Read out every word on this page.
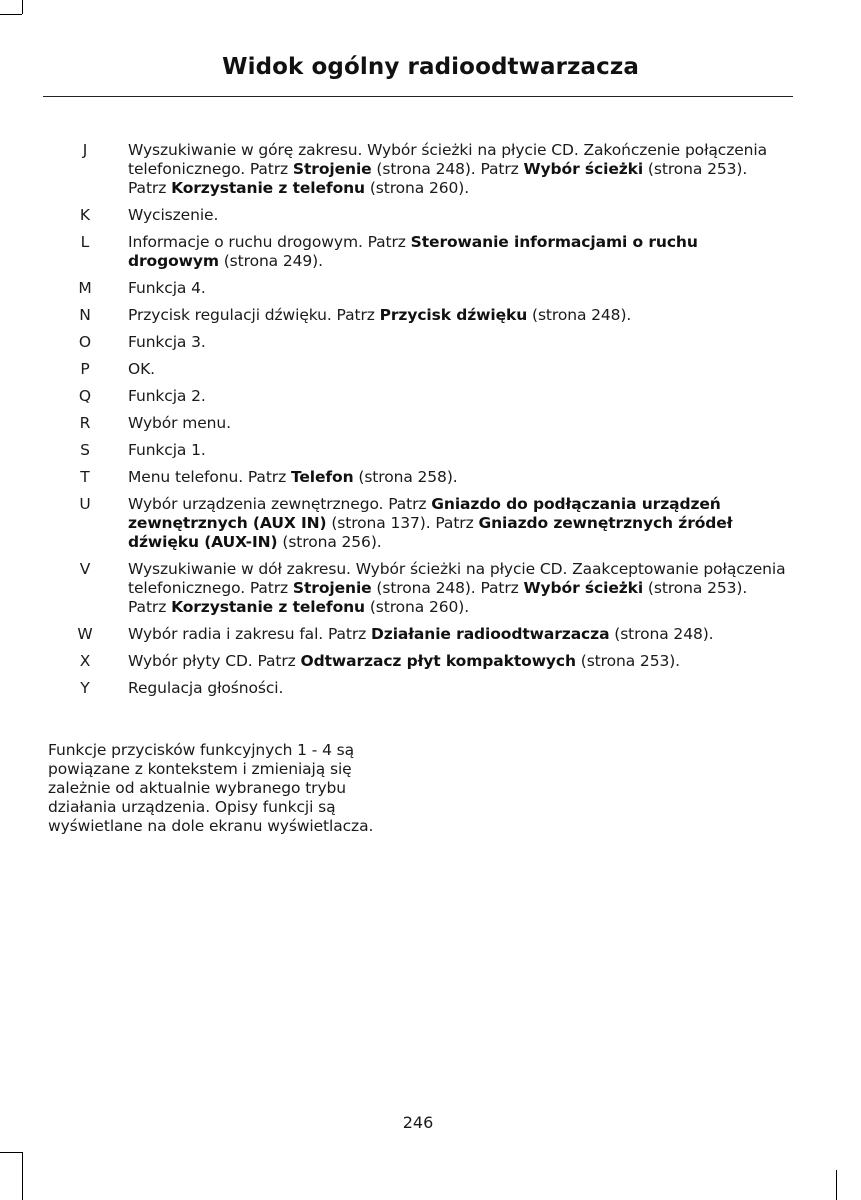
Widok ogólny radioodtwarzacza
J	Wyszukiwanie w górę zakresu. Wybór ścieżki na płycie CD. Zakończenie połączenia telefonicznego. Patrz Strojenie (strona 248). Patrz Wybór ścieżki (strona 253). Patrz Korzystanie z telefonu (strona 260).
K	Wyciszenie.
L	Informacje o ruchu drogowym. Patrz Sterowanie informacjami o ruchu drogowym (strona 249).
M	Funkcja 4.
N	Przycisk regulacji dźwięku. Patrz Przycisk dźwięku (strona 248).
O	Funkcja 3.
P	OK.
Q	Funkcja 2.
R	Wybór menu.
S	Funkcja 1.
T	Menu telefonu. Patrz Telefon (strona 258).
U	Wybór urządzenia zewnętrznego. Patrz Gniazdo do podłączania urządzeń zewnętrznych (AUX IN) (strona 137). Patrz Gniazdo zewnętrznych źródeł dźwięku (AUX-IN) (strona 256).
V	Wyszukiwanie w dół zakresu. Wybór ścieżki na płycie CD. Zaakceptowanie połączenia telefonicznego. Patrz Strojenie (strona 248). Patrz Wybór ścieżki (strona 253). Patrz Korzystanie z telefonu (strona 260).
W	Wybór radia i zakresu fal. Patrz Działanie radioodtwarzacza (strona 248).
X	Wybór płyty CD. Patrz Odtwarzacz płyt kompaktowych (strona 253).
Y	Regulacja głośności.
Funkcje przycisków funkcyjnych 1 - 4 są powiązane z kontekstem i zmieniają się zależnie od aktualnie wybranego trybu działania urządzenia. Opisy funkcji są wyświetlane na dole ekranu wyświetlacza.
246
